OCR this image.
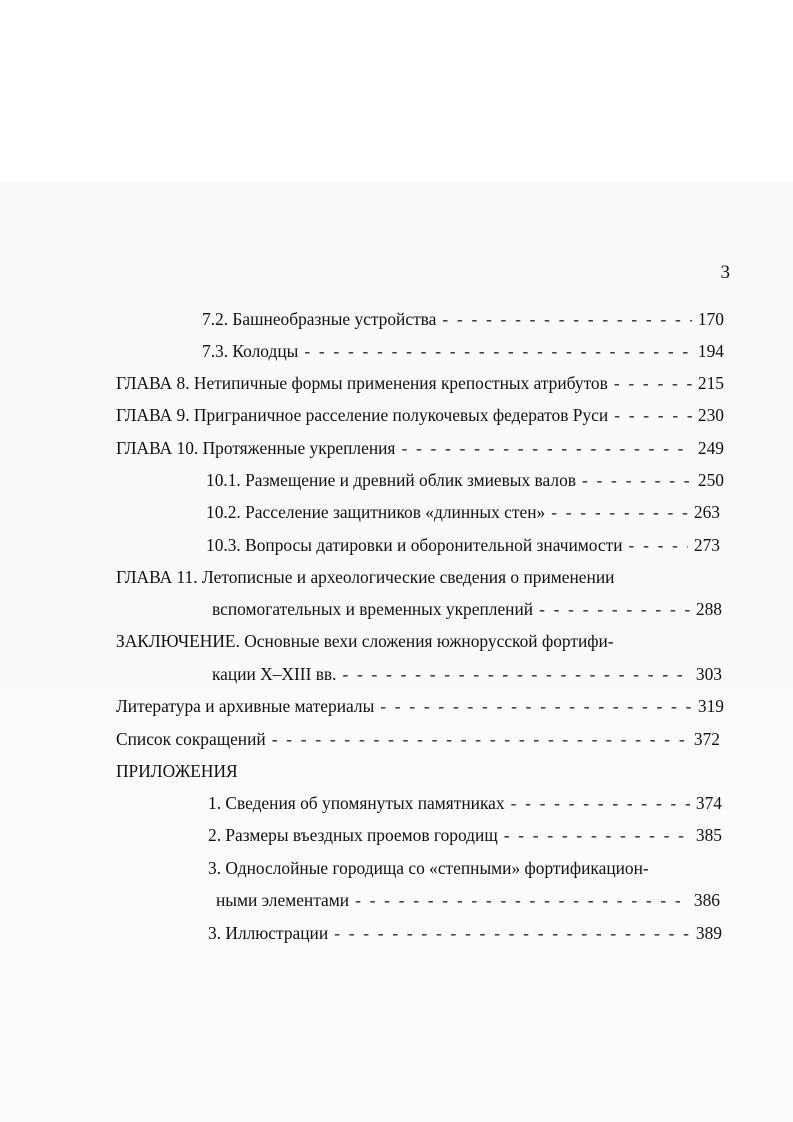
3
7.2. Башнеобразные устройства - - -	170
7.3. Колодцы - - -	194
ГЛАВА 8. Нетипичные формы применения крепостных атрибутов - - -	215
ГЛАВА 9. Приграничное расселение полукочевых федератов Руси - - -	230
ГЛАВА 10. Протяженные укрепления - - -	249
10.1. Размещение и древний облик змиевых валов - - -	250
10.2. Расселение защитников «длинных стен» - - -	263
10.3. Вопросы датировки и оборонительной значимости - - -	273
ГЛАВА 11. Летописные и археологические сведения о применении
вспомогательных и временных укреплений - - -	288
ЗАКЛЮЧЕНИЕ. Основные вехи сложения южнорусской фортифи-
кации X–XIII вв. - - -	303
Литература и архивные материалы - - -	319
Список сокращений - - -	372
ПРИЛОЖЕНИЯ
1. Сведения об упомянутых памятниках - - -	374
2. Размеры въездных проемов городищ - - -	385
3. Однослойные городища со «степными» фортификацион-
ными элементами - - -	386
3. Иллюстрации - - -	389
